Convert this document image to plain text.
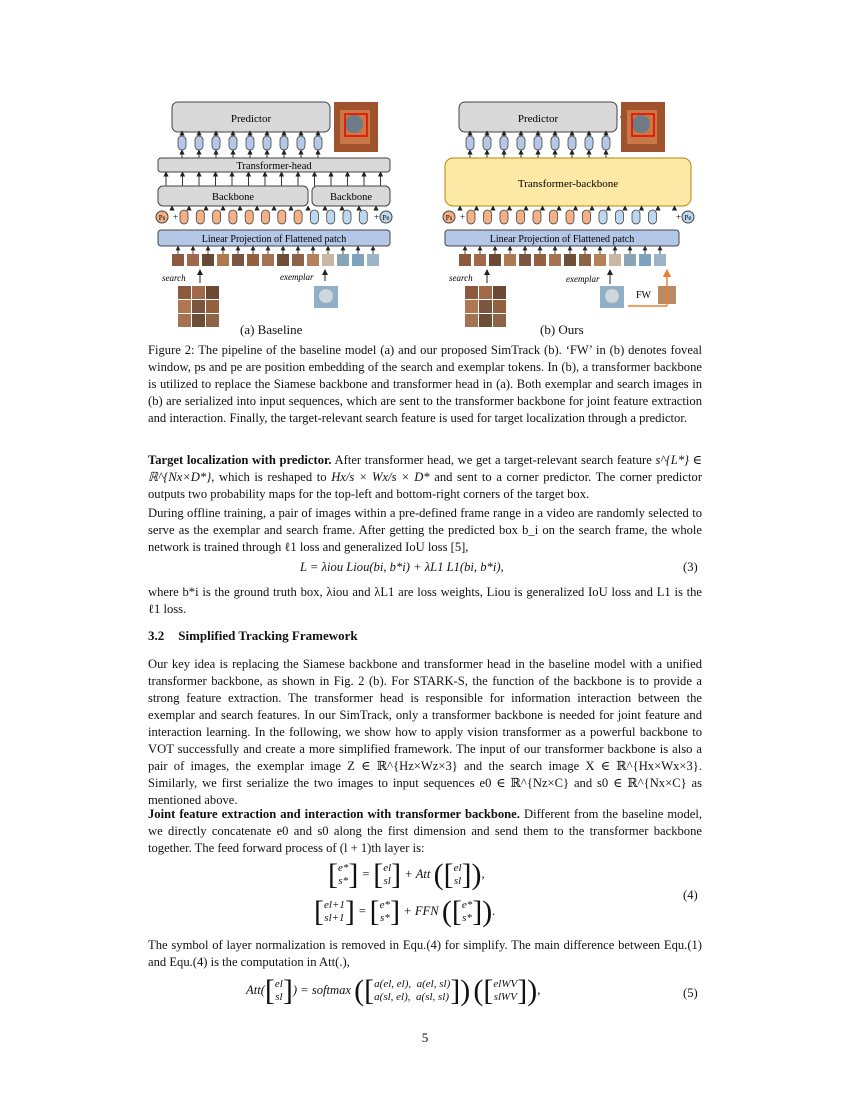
Predictor
Transformer-head
Backbone	Backbone
Ps +	+ Pe
Linear Projection of Flattened patch
search	exemplar
Predictor
Transformer-backbone
Ps +	+ Pe
Linear Projection of Flattened patch
search	exemplar
FW
(a) Baseline	(b) Ours
Figure 2: The pipeline of the baseline model (a) and our proposed SimTrack (b). ‘FW’ in (b) denotes foveal window, ps and pe are position embedding of the search and exemplar tokens. In (b), a transformer backbone is utilized to replace the Siamese backbone and transformer head in (a). Both exemplar and search images in (b) are serialized into input sequences, which are sent to the transformer backbone for joint feature extraction and interaction. Finally, the target-relevant search feature is used for target localization through a predictor.
Target localization with predictor. After transformer head, we get a target-relevant search feature s^{L*} ∈ ℝ^{Nx×D*}, which is reshaped to Hx/s × Wx/s × D* and sent to a corner predictor. The corner predictor outputs two probability maps for the top-left and bottom-right corners of the target box.
During offline training, a pair of images within a pre-defined frame range in a video are randomly selected to serve as the exemplar and search frame. After getting the predicted box b_i on the search frame, the whole network is trained through ℓ1 loss and generalized IoU loss [5],
L = λiou Liou(bi, b*i) + λL1 L1(bi, b*i),	(3)
where b*i is the ground truth box, λiou and λL1 are loss weights, Liou is generalized IoU loss and L1 is the ℓ1 loss.
3.2 Simplified Tracking Framework
Our key idea is replacing the Siamese backbone and transformer head in the baseline model with a unified transformer backbone, as shown in Fig. 2 (b). For STARK-S, the function of the backbone is to provide a strong feature extraction. The transformer head is responsible for information interaction between the exemplar and search features. In our SimTrack, only a transformer backbone is needed for joint feature and interaction learning. In the following, we show how to apply vision transformer as a powerful backbone to VOT successfully and create a more simplified framework. The input of our transformer backbone is also a pair of images, the exemplar image Z ∈ ℝ^{Hz×Wz×3} and the search image X ∈ ℝ^{Hx×Wx×3}. Similarly, we first serialize the two images to input sequences e0 ∈ ℝ^{Nz×C} and s0 ∈ ℝ^{Nx×C} as mentioned above.
Joint feature extraction and interaction with transformer backbone. Different from the baseline model, we directly concatenate e0 and s0 along the first dimension and send them to the transformer backbone together. The feed forward process of (l + 1)th layer is:
[e*
s*] = [el
sl] + Att ([el
sl]),
[el+1
sl+1] = [e*
s*] + FFN ([e*
s*]).
(4)
The symbol of layer normalization is removed in Equ.(4) for simplify. The main difference between Equ.(1) and Equ.(4) is the computation in Att(.),
Att([el
sl]) = softmax ([a(el, el), a(el, sl)
a(sl, el), a(sl, sl)]) ([elWV
slWV]),	(5)
5
